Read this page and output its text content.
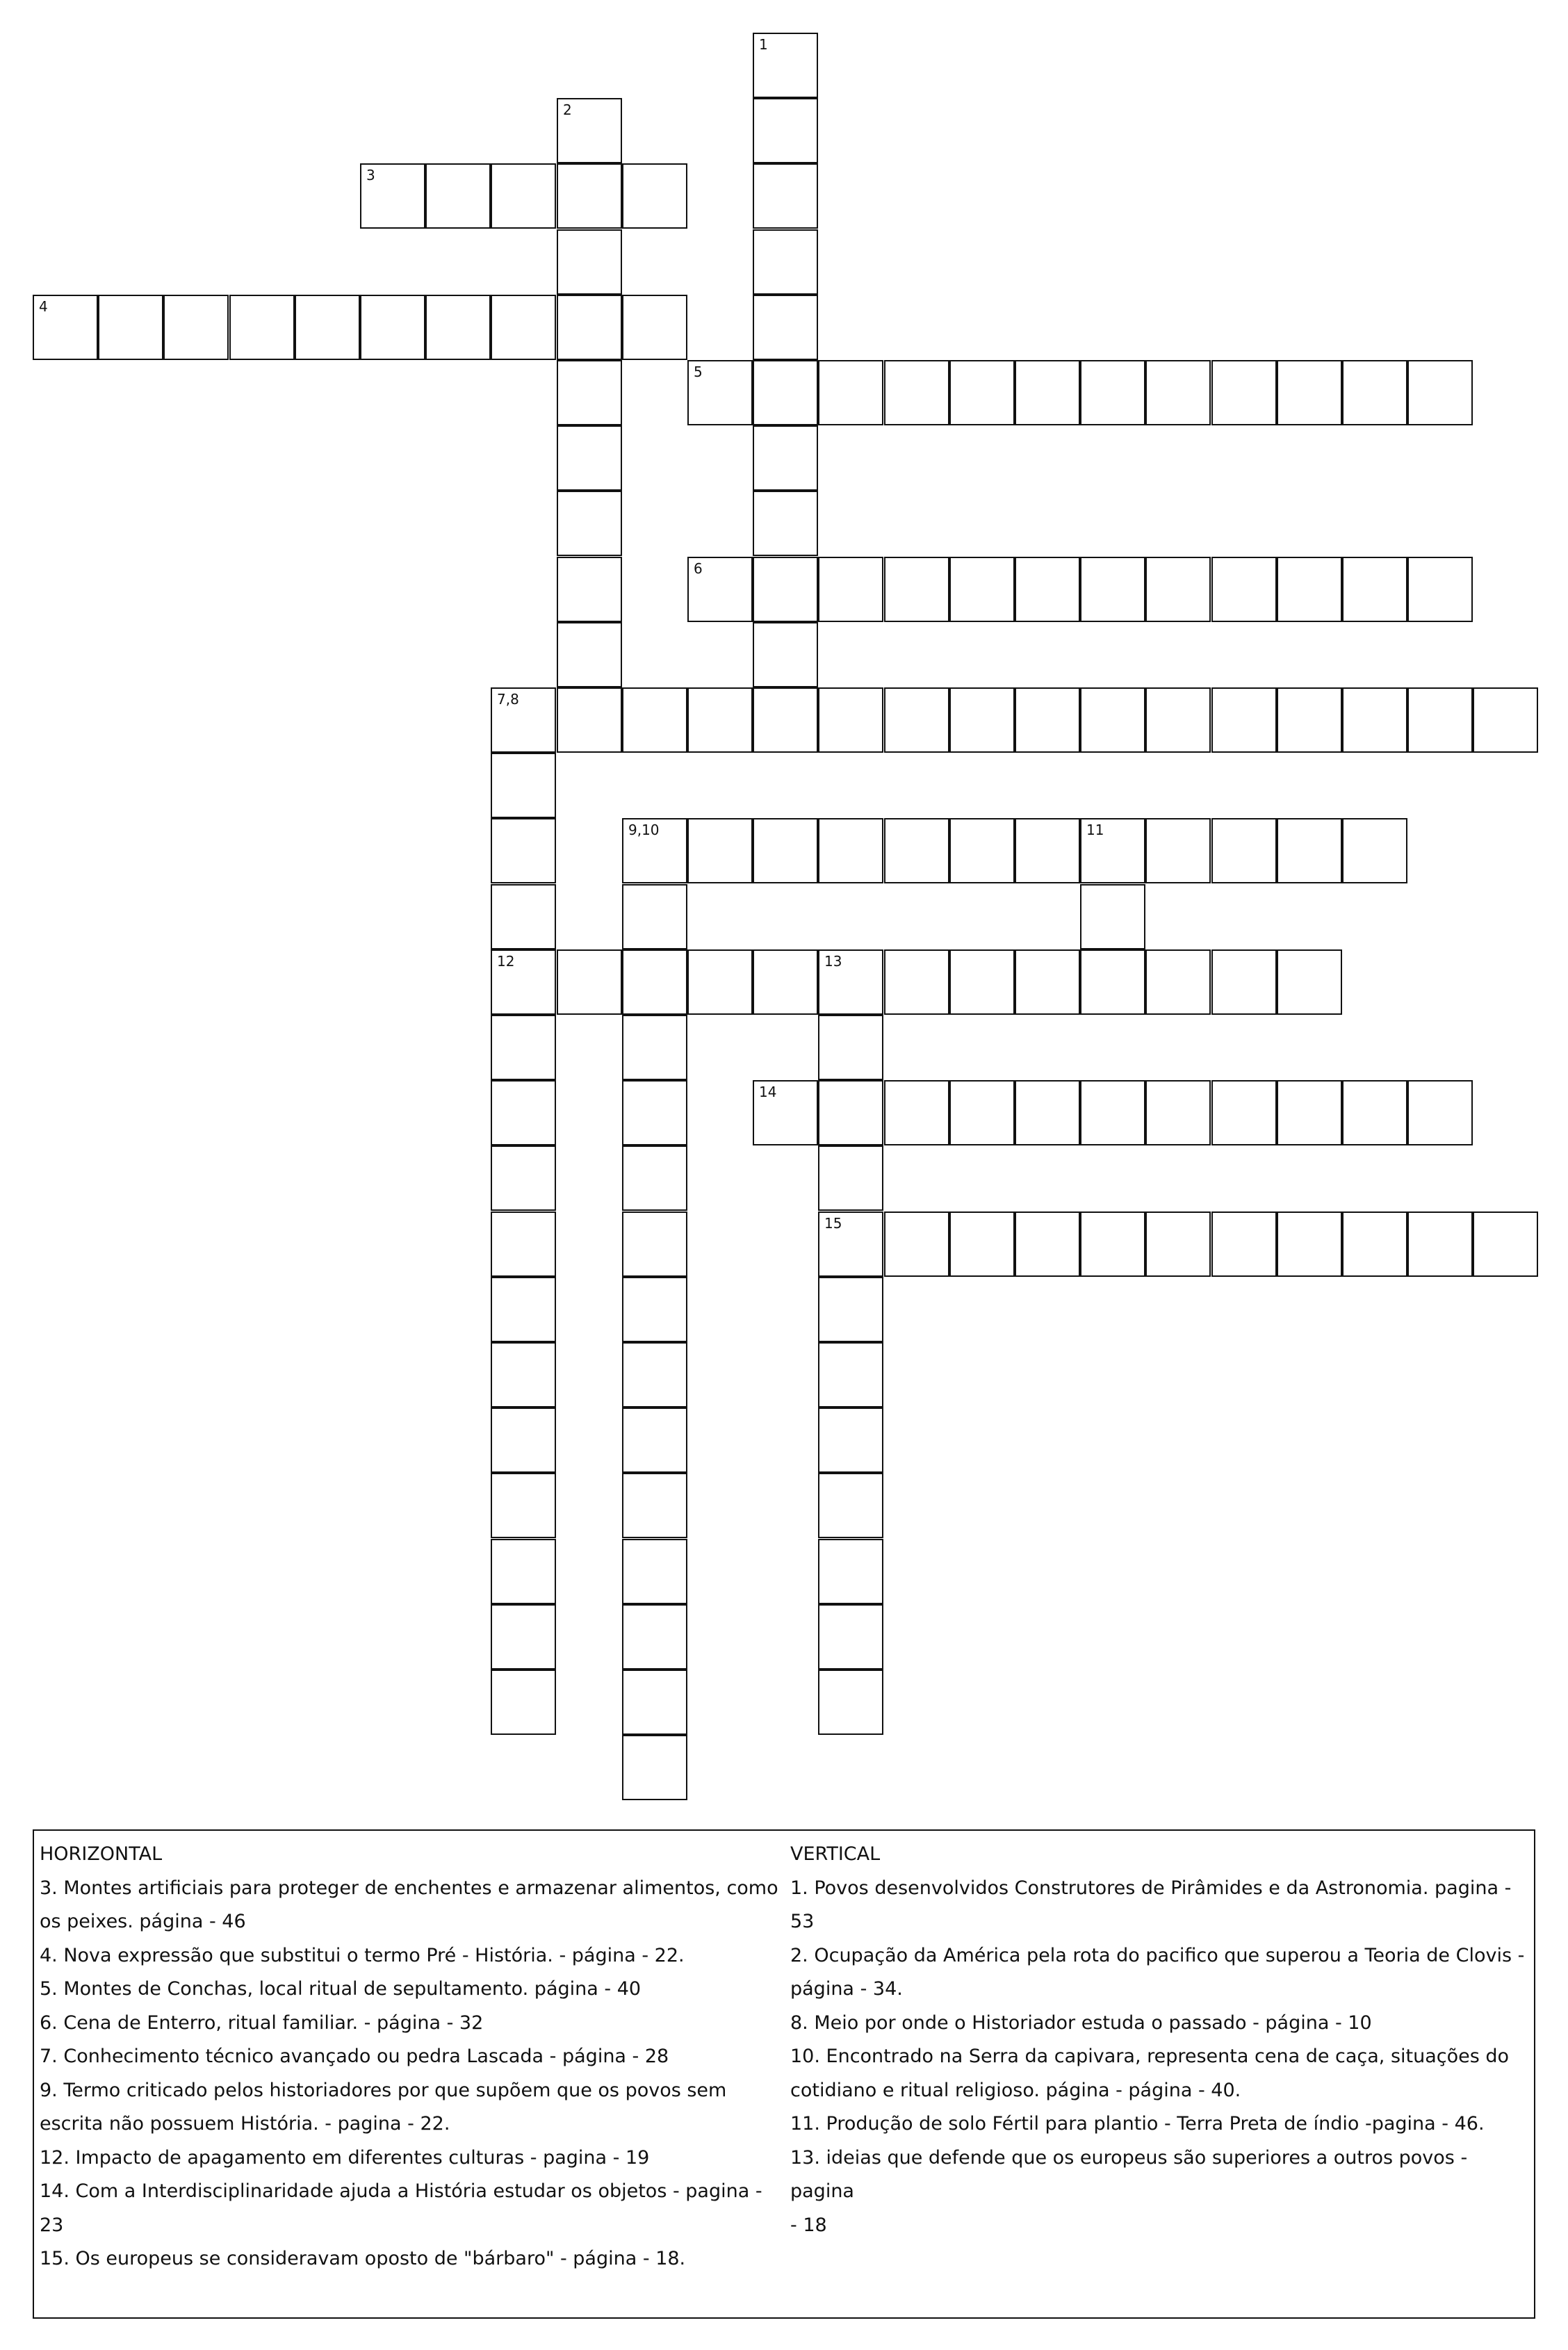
1
2
3
4
5
6
7,8
12
9,10	11
13
14
15
HORIZONTAL
3. Montes artificiais para proteger de enchentes e armazenar alimentos, como
os peixes. página - 46
4. Nova expressão que substitui o termo Pré - História. - página - 22.
5. Montes de Conchas, local ritual de sepultamento. página - 40
6. Cena de Enterro, ritual familiar. - página - 32
7. Conhecimento técnico avançado ou pedra Lascada - página - 28
9. Termo criticado pelos historiadores por que supõem que os povos sem
escrita não possuem História. - pagina - 22.
12. Impacto de apagamento em diferentes culturas - pagina - 19
14. Com a Interdisciplinaridade ajuda a História estudar os objetos - pagina -
23
15. Os europeus se consideravam oposto de "bárbaro" - página - 18.
VERTICAL
1. Povos desenvolvidos Construtores de Pirâmides e da Astronomia. pagina -
53
2. Ocupação da América pela rota do pacifico que superou a Teoria de Clovis -
página - 34.
8. Meio por onde o Historiador estuda o passado - página - 10
10. Encontrado na Serra da capivara, representa cena de caça, situações do
cotidiano e ritual religioso. página - página - 40.
11. Produção de solo Fértil para plantio - Terra Preta de índio -pagina - 46.
13. ideias que defende que os europeus são superiores a outros povos - pagina
- 18
